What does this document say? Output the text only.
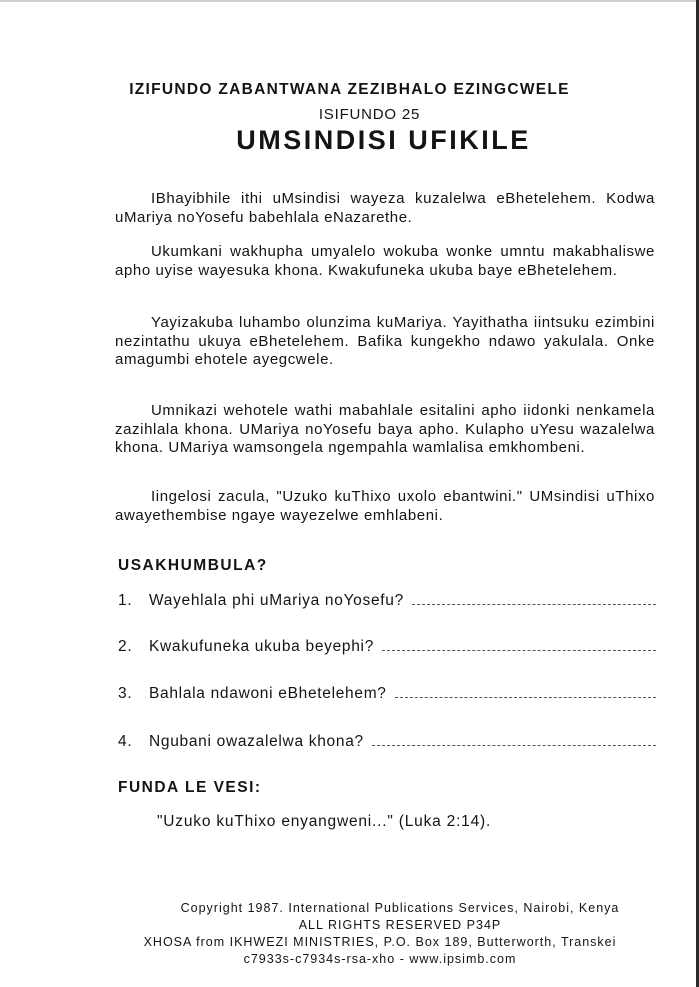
IZIFUNDO ZABANTWANA ZEZIBHALO EZINGCWELE
ISIFUNDO 25
UMSINDISI UFIKILE
IBhayibhile ithi uMsindisi wayeza kuzalelwa eBhetelehem. Kodwa uMariya noYosefu babehlala eNazarethe.
Ukumkani wakhupha umyalelo wokuba wonke umntu makabhaliswe apho uyise wayesuka khona. Kwakufuneka ukuba baye eBhetelehem.
Yayizakuba luhambo olunzima kuMariya. Yayithatha iintsuku ezimbini nezintathu ukuya eBhetelehem. Bafika kungekho ndawo yakulala. Onke amagumbi ehotele ayegcwele.
Umnikazi wehotele wathi mabahlale esitalini apho iidonki nenkamela zazihlala khona. UMariya noYosefu baya apho. Kulapho uYesu wazalelwa khona. UMariya wamsongela ngempahla wamlalisa emkhombeni.
Iingelosi zacula, "Uzuko kuThixo uxolo ebantwini." UMsindisi uThixo awayethembise ngaye wayezelwe emhlabeni.
USAKHUMBULA?
1.	Wayehlala phi uMariya noYosefu?
2.	Kwakufuneka ukuba beyephi?
3.	Bahlala ndawoni eBhetelehem?
4.	Ngubani owazalelwa khona?
FUNDA LE VESI:
"Uzuko kuThixo enyangweni..." (Luka 2:14).
Copyright 1987. International Publications Services, Nairobi, Kenya
ALL RIGHTS RESERVED P34P
XHOSA from IKHWEZI MINISTRIES, P.O. Box 189, Butterworth, Transkei
c7933s-c7934s-rsa-xho - www.ipsimb.com
